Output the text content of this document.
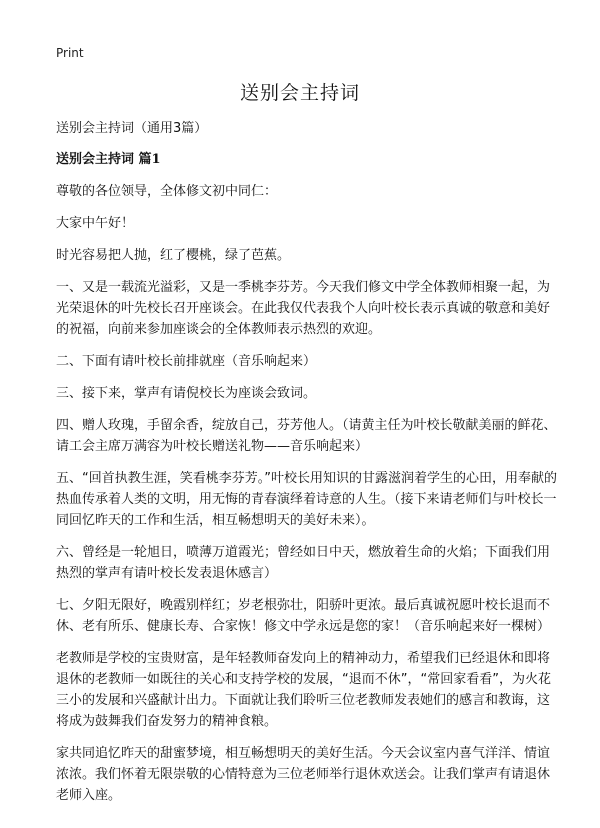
Print
送别会主持词

送别会主持词（通用3篇）

送别会主持词 篇1

尊敬的各位领导，全体修文初中同仁：

大家中午好！

时光容易把人抛，红了樱桃，绿了芭蕉。

一、又是一载流光溢彩，又是一季桃李芬芳。今天我们修文中学全体教师相聚一起，为光荣退休的叶先校长召开座谈会。在此我仅代表我个人向叶校长表示真诚的敬意和美好的祝福，向前来参加座谈会的全体教师表示热烈的欢迎。

二、下面有请叶校长前排就座（音乐响起来）

三、接下来，掌声有请倪校长为座谈会致词。

四、赠人玫瑰，手留余香，绽放自己，芬芳他人。（请黄主任为叶校长敬献美丽的鲜花、请工会主席万满容为叶校长赠送礼物——音乐响起来）

五、“回首执教生涯，笑看桃李芬芳。”叶校长用知识的甘露滋润着学生的心田，用奉献的热血传承着人类的文明，用无悔的青春演绎着诗意的人生。（接下来请老师们与叶校长一同回忆昨天的工作和生活，相互畅想明天的美好未来）。

六、曾经是一轮旭日，喷薄万道霞光；曾经如日中天，燃放着生命的火焰；下面我们用热烈的掌声有请叶校长发表退休感言）

七、夕阳无限好，晚霞别样红；岁老根弥壮，阳骄叶更浓。最后真诚祝愿叶校长退而不休、老有所乐、健康长寿、合家恢！修文中学永远是您的家！（音乐响起来好一棵树）

老教师是学校的宝贵财富，是年轻教师奋发向上的精神动力，希望我们已经退休和即将退休的老教师一如既往的关心和支持学校的发展，“退而不休”，“常回家看看”，为火花三小的发展和兴盛献计出力。下面就让我们聆听三位老教师发表她们的感言和教诲，这将成为鼓舞我们奋发努力的精神食粮。

家共同追忆昨天的甜蜜梦境，相互畅想明天的美好生活。今天会议室内喜气洋洋、情谊浓浓。我们怀着无限崇敬的心情特意为三位老师举行退休欢送会。让我们掌声有请退休老师入座。
